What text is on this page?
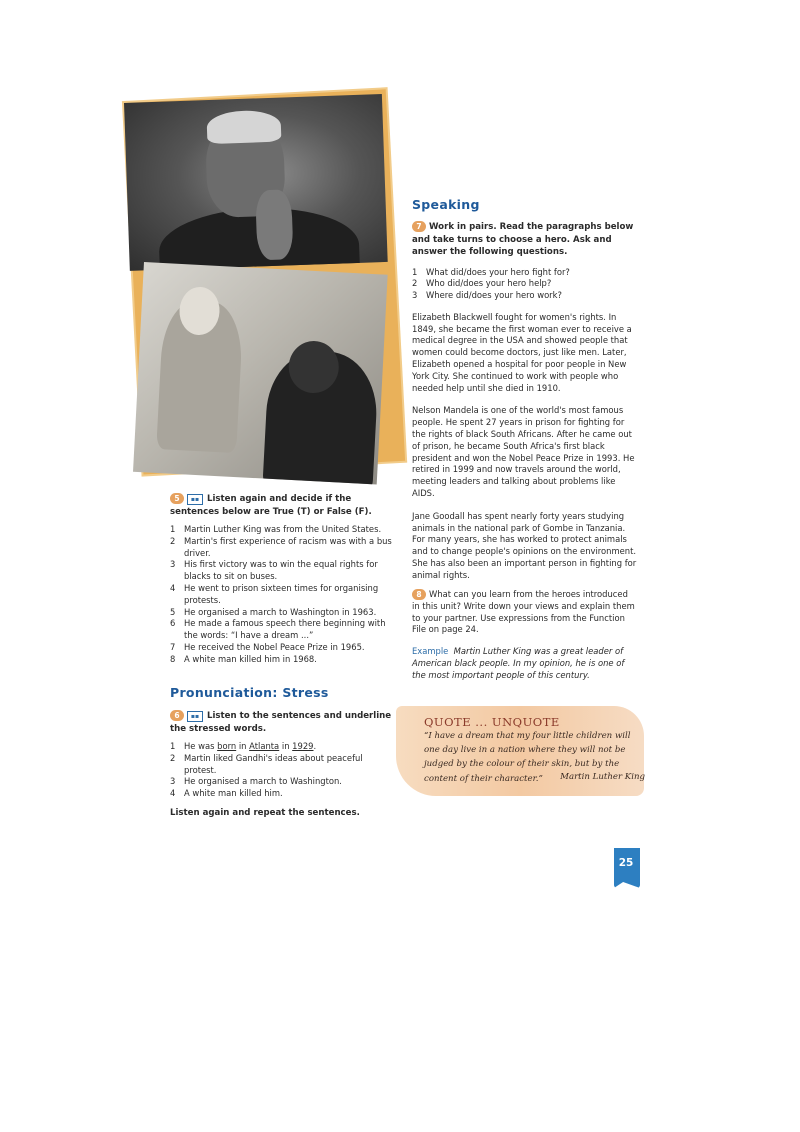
5 ▪▪ Listen again and decide if the sentences below are True (T) or False (F).
1 Martin Luther King was from the United States.
2 Martin's first experience of racism was with a bus driver.
3 His first victory was to win the equal rights for blacks to sit on buses.
4 He went to prison sixteen times for organising protests.
5 He organised a march to Washington in 1963.
6 He made a famous speech there beginning with the words: “I have a dream ...”
7 He received the Nobel Peace Prize in 1965.
8 A white man killed him in 1968.
Pronunciation: Stress
6 ▪▪ Listen to the sentences and underline the stressed words.
1 He was born in Atlanta in 1929.
2 Martin liked Gandhi's ideas about peaceful protest.
3 He organised a march to Washington.
4 A white man killed him.
Listen again and repeat the sentences.
Speaking
7 Work in pairs. Read the paragraphs below and take turns to choose a hero. Ask and answer the following questions.
1 What did/does your hero fight for?
2 Who did/does your hero help?
3 Where did/does your hero work?

Elizabeth Blackwell fought for women's rights. In 1849, she became the first woman ever to receive a medical degree in the USA and showed people that women could become doctors, just like men. Later, Elizabeth opened a hospital for poor people in New York City. She continued to work with people who needed help until she died in 1910.

Nelson Mandela is one of the world's most famous people. He spent 27 years in prison for fighting for the rights of black South Africans. After he came out of prison, he became South Africa's first black president and won the Nobel Peace Prize in 1993. He retired in 1999 and now travels around the world, meeting leaders and talking about problems like AIDS.

Jane Goodall has spent nearly forty years studying animals in the national park of Gombe in Tanzania. For many years, she has worked to protect animals and to change people's opinions on the environment. She has also been an important person in fighting for animal rights.

8 What can you learn from the heroes introduced in this unit? Write down your views and explain them to your partner. Use expressions from the Function File on page 24.
Example Martin Luther King was a great leader of American black people. In my opinion, he is one of the most important people of this century.
QUOTE ... UNQUOTE
“I have a dream that my four little children will one day live in a nation where they will not be judged by the colour of their skin, but by the content of their character.”	Martin Luther King
25
